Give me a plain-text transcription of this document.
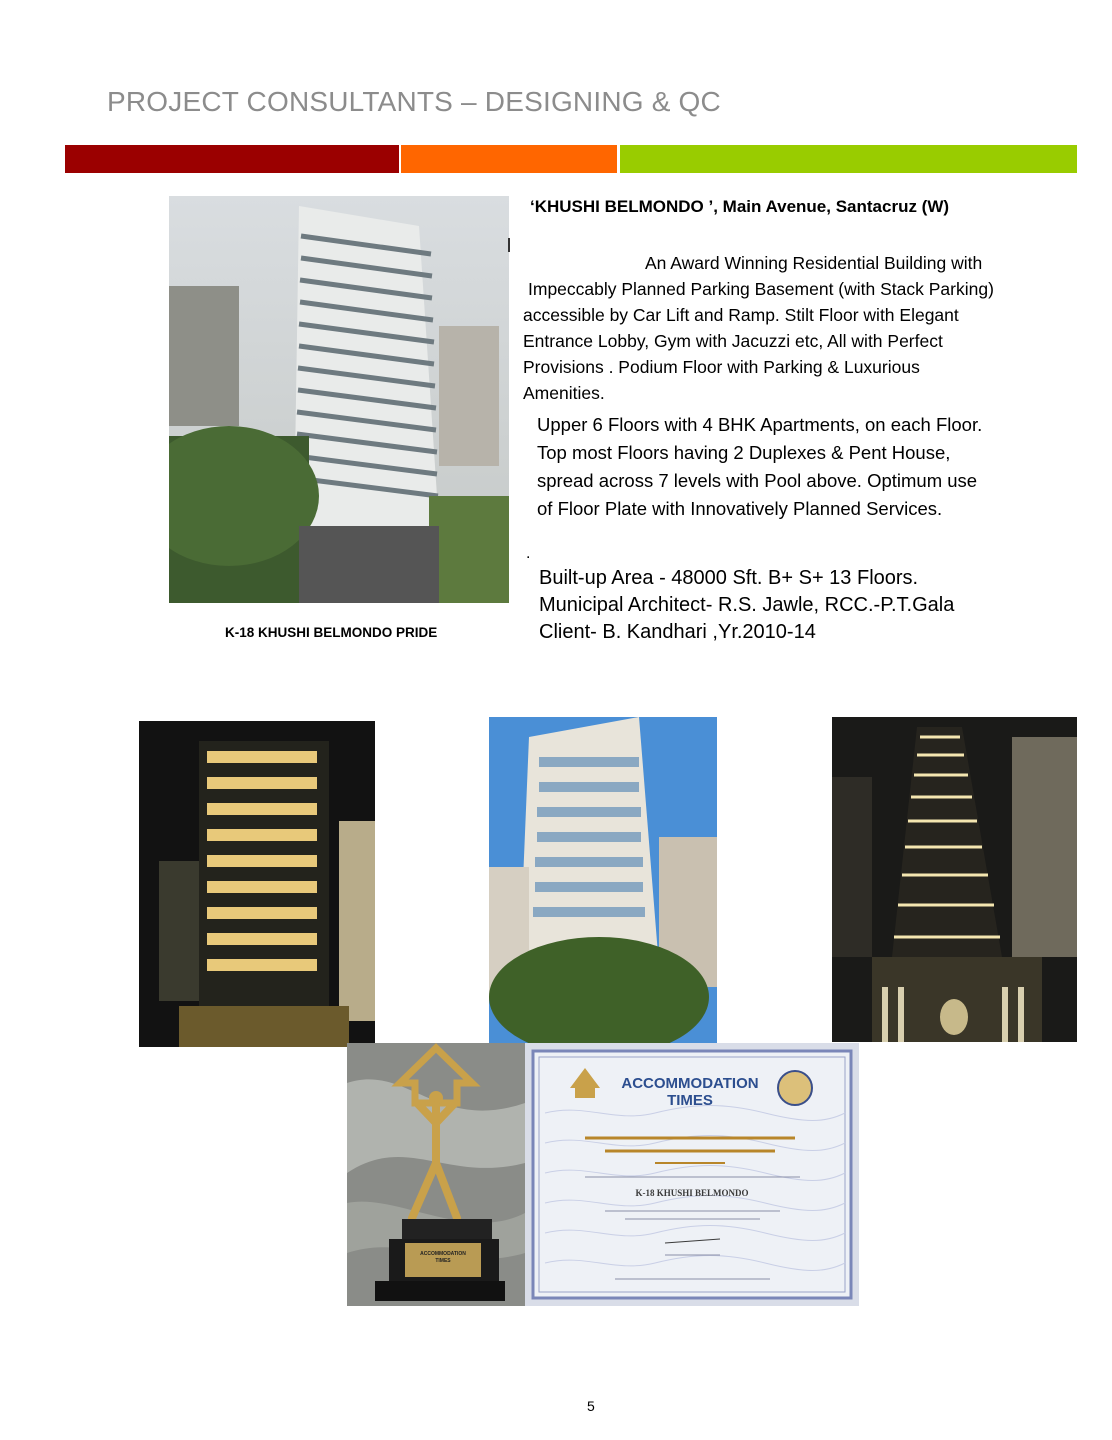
PROJECT CONSULTANTS – DESIGNING & QC
‘KHUSHI BELMONDO ’, Main Avenue, Santacruz (W)
An Award Winning Residential Building with
Impeccably Planned Parking Basement (with Stack Parking)
accessible by Car Lift and Ramp. Stilt Floor with Elegant
Entrance Lobby, Gym with Jacuzzi etc, All with Perfect
Provisions . Podium Floor with Parking & Luxurious
Amenities.
Upper 6 Floors with 4 BHK Apartments, on each Floor.
Top most Floors having 2 Duplexes & Pent House,
spread across 7 levels with Pool above. Optimum use
of Floor Plate with Innovatively Planned Services.
.
Built-up Area - 48000 Sft. B+ S+ 13 Floors.
Municipal Architect- R.S. Jawle, RCC.-P.T.Gala
Client- B. Kandhari ,Yr.2010-14
K-18 KHUSHI BELMONDO PRIDE
ACCOMMODATION
TIMES
ACCOMMODATION
TIMES
K-18 KHUSHI BELMONDO
5
